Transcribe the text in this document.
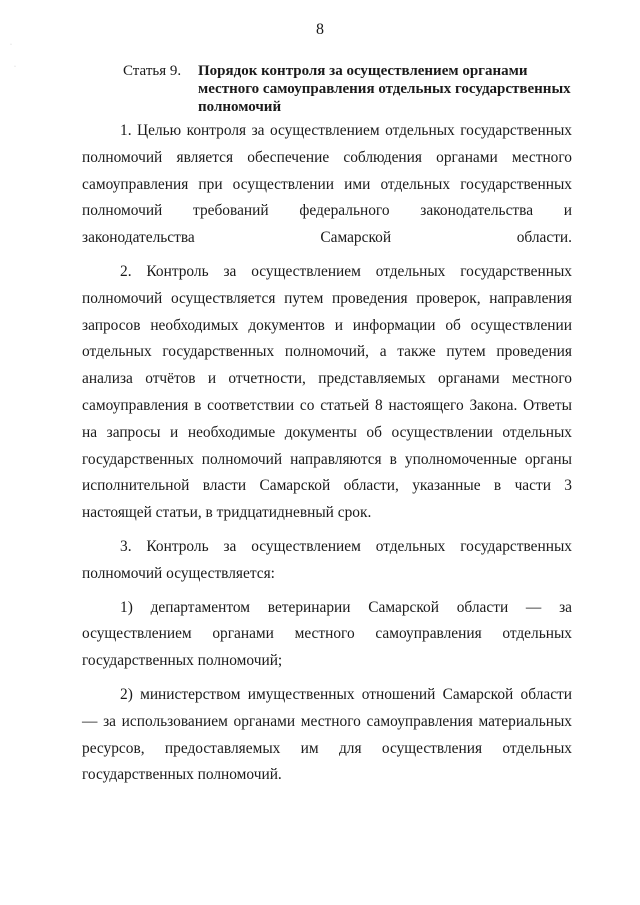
8
·
·	Статья 9. Порядок контроля за осуществлением органами местного самоуправления отдельных государственных полномочий

1. Целью контроля за осуществлением отдельных государственных полномочий является обеспечение соблюдения органами местного самоуправления при осуществлении ими отдельных государственных полномочий требований федерального законодательства и законодательства Самарской области.

2. Контроль за осуществлением отдельных государственных полномочий осуществляется путем проведения проверок, направления запросов необходимых документов и информации об осуществлении отдельных государственных полномочий, а также путем проведения анализа отчётов и отчетности, представляемых органами местного самоуправления в соответствии со статьей 8 настоящего Закона. Ответы на запросы и необходимые документы об осуществлении отдельных государственных полномочий направляются в уполномоченные органы исполнительной власти Самарской области, указанные в части 3 настоящей статьи, в тридцатидневный срок.

3. Контроль за осуществлением отдельных государственных полномочий осуществляется:

1) департаментом ветеринарии Самарской области — за осуществлением органами местного самоуправления отдельных государственных полномочий;

2) министерством имущественных отношений Самарской области — за использованием органами местного самоуправления материальных ресурсов, предоставляемых им для осуществления отдельных государственных полномочий.
